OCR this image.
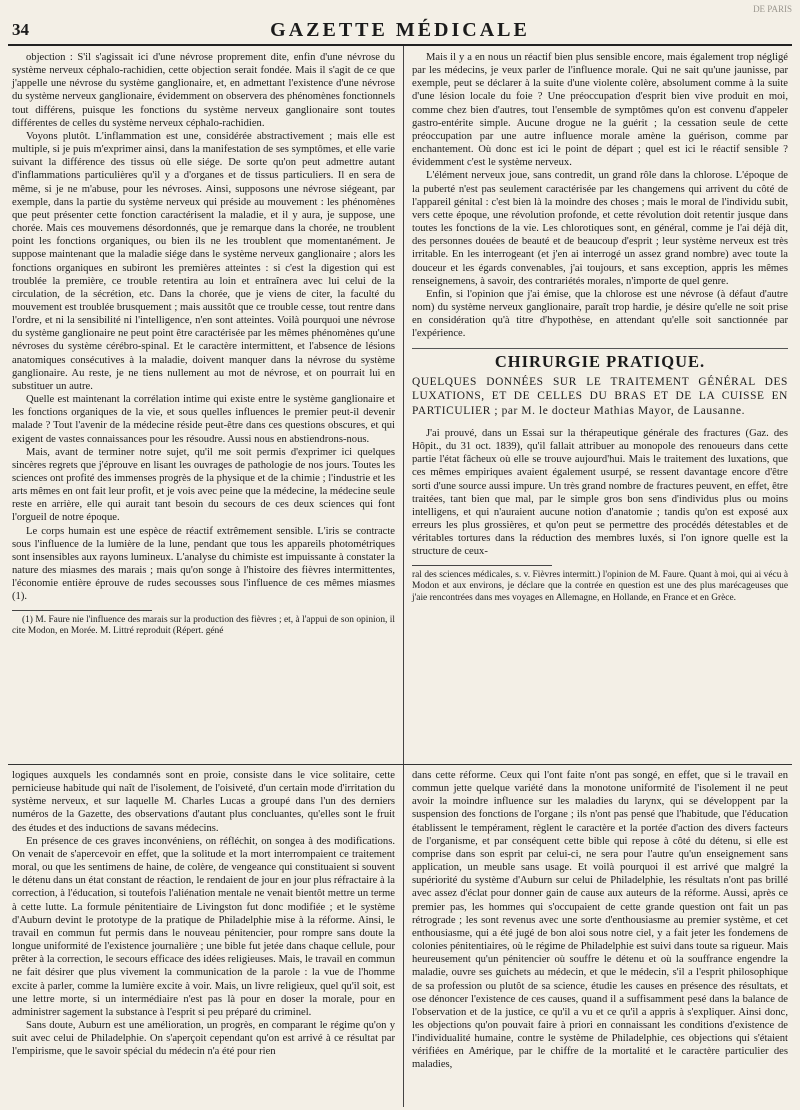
34	GAZETTE MÉDICALE
DE PARIS

objection : S'il s'agissait ici d'une névrose proprement dite, enfin d'une névrose du système nerveux céphalo-rachidien, cette objection serait fondée. Mais il s'agit de ce que j'appelle une névrose du système ganglionaire, et, en admettant l'existence d'une névrose du système nerveux ganglionaire, évidemment on observera des phénomènes fonctionnels tout différens, puisque les fonctions du système nerveux ganglionaire sont toutes différentes de celles du système nerveux céphalo-rachidien.

Voyons plutôt. L'inflammation est une, considérée abstractivement ; mais elle est multiple, si je puis m'exprimer ainsi, dans la manifestation de ses symptômes, et elle varie suivant la différence des tissus où elle siége. De sorte qu'on peut admettre autant d'inflammations particulières qu'il y a d'organes et de tissus particuliers. Il en sera de même, si je ne m'abuse, pour les névroses. Ainsi, supposons une névrose siégeant, par exemple, dans la partie du système nerveux qui préside au mouvement : les phénomènes que peut présenter cette fonction caractérisent la maladie, et il y aura, je suppose, une chorée. Mais ces mouvemens désordonnés, que je remarque dans la chorée, ne troublent point les fonctions organiques, ou bien ils ne les troublent que momentanément. Je suppose maintenant que la maladie siége dans le système nerveux ganglionaire ; alors les fonctions organiques en subiront les premières atteintes : si c'est la digestion qui est troublée la première, ce trouble retentira au loin et entraînera avec lui celui de la circulation, de la sécrétion, etc. Dans la chorée, que je viens de citer, la faculté du mouvement est troublée brusquement ; mais aussitôt que ce trouble cesse, tout rentre dans l'ordre, et ni la sensibilité ni l'intelligence, n'en sont atteintes. Voilà pourquoi une névrose du système ganglionaire ne peut point être caractérisée par les mêmes phénomènes qu'une névroses du système cérébro-spinal. Et le caractère intermittent, et l'absence de lésions anatomiques consécutives à la maladie, doivent manquer dans la névrose du système ganglionaire. Au reste, je ne tiens nullement au mot de névrose, et on pourrait lui en substituer un autre.

Quelle est maintenant la corrélation intime qui existe entre le système ganglionaire et les fonctions organiques de la vie, et sous quelles influences le premier peut-il devenir malade ? Tout l'avenir de la médecine réside peut-être dans ces questions obscures, et qui exigent de vastes connaissances pour les résoudre. Aussi nous en abstiendrons-nous.

Mais, avant de terminer notre sujet, qu'il me soit permis d'exprimer ici quelques sincères regrets que j'éprouve en lisant les ouvrages de pathologie de nos jours. Toutes les sciences ont profité des immenses progrès de la physique et de la chimie ; l'industrie et les arts mêmes en ont fait leur profit, et je vois avec peine que la médecine, la médecine seule reste en arrière, elle qui aurait tant besoin du secours de ces deux sciences qui font l'orgueil de notre époque.

Le corps humain est une espèce de réactif extrêmement sensible. L'iris se contracte sous l'influence de la lumière de la lune, pendant que tous les appareils photométriques sont insensibles aux rayons lumineux. L'analyse du chimiste est impuissante à constater la nature des miasmes des marais ; mais qu'on songe à l'histoire des fièvres intermittentes, l'économie entière éprouve de rudes secousses sous l'influence de ces mêmes miasmes (1).

(1) M. Faure nie l'influence des marais sur la production des fièvres ; et, à l'appui de son opinion, il cite Modon, en Morée. M. Littré reproduit (Répert. géné

Mais il y a en nous un réactif bien plus sensible encore, mais également trop négligé par les médecins, je veux parler de l'influence morale. Qui ne sait qu'une jaunisse, par exemple, peut se déclarer à la suite d'une violente colère, absolument comme à la suite d'une lésion locale du foie ? Une préoccupation d'esprit bien vive produit en moi, comme chez bien d'autres, tout l'ensemble de symptômes qu'on est convenu d'appeler gastro-entérite simple. Aucune drogue ne la guérit ; la cessation seule de cette préoccupation par une autre influence morale amène la guérison, comme par enchantement. Où donc est ici le point de départ ; quel est ici le réactif sensible ? évidemment c'est le système nerveux.

L'élément nerveux joue, sans contredit, un grand rôle dans la chlorose. L'époque de la puberté n'est pas seulement caractérisée par les changemens qui arrivent du côté de l'appareil génital : c'est bien là la moindre des choses ; mais le moral de l'individu subit, vers cette époque, une révolution profonde, et cette révolution doit retentir jusque dans toutes les fonctions de la vie. Les chlorotiques sont, en général, comme je l'ai déjà dit, des personnes douées de beauté et de beaucoup d'esprit ; leur système nerveux est très irritable. En les interrogeant (et j'en ai interrogé un assez grand nombre) avec toute la douceur et les égards convenables, j'ai toujours, et sans exception, appris les mêmes renseignemens, à savoir, des contrariétés morales, n'importe de quel genre.

Enfin, si l'opinion que j'ai émise, que la chlorose est une névrose (à défaut d'autre nom) du système nerveux ganglionaire, paraît trop hardie, je désire qu'elle ne soit prise en considération qu'à titre d'hypothèse, en attendant qu'elle soit sanctionnée par l'expérience.

CHIRURGIE PRATIQUE.
QUELQUES DONNÉES SUR LE TRAITEMENT GÉNÉRAL DES LUXATIONS, ET DE CELLES DU BRAS ET DE LA CUISSE EN PARTICULIER ; par M. le docteur Mathias Mayor, de Lausanne.

J'ai prouvé, dans un Essai sur la thérapeutique générale des fractures (Gaz. des Hôpit., du 31 oct. 1839), qu'il fallait attribuer au monopole des renoueurs dans cette partie l'état fâcheux où elle se trouve aujourd'hui. Mais le traitement des luxations, que ces mêmes empiriques avaient également usurpé, se ressent davantage encore d'être sorti d'une source aussi impure. Un très grand nombre de fractures peuvent, en effet, être traitées, tant bien que mal, par le simple gros bon sens d'individus plus ou moins intelligens, et qui n'auraient aucune notion d'anatomie ; tandis qu'on est exposé aux erreurs les plus grossières, et qu'on peut se permettre des procédés détestables et de véritables tortures dans la réduction des membres luxés, si l'on ignore quelle est la structure de ceux-

ral des sciences médicales, s. v. Fièvres intermitt.) l'opinion de M. Faure. Quant à moi, qui ai vécu à Modon et aux environs, je déclare que la contrée en question est une des plus marécageuses que j'aie rencontrées dans mes voyages en Allemagne, en Hollande, en France et en Grèce.

logiques auxquels les condamnés sont en proie, consiste dans le vice solitaire, cette pernicieuse habitude qui naît de l'isolement, de l'oisiveté, d'un certain mode d'irritation du système nerveux, et sur laquelle M. Charles Lucas a groupé dans l'un des derniers numéros de la Gazette, des observations d'autant plus concluantes, qu'elles sont le fruit des études et des inductions de savans médecins.

En présence de ces graves inconvéniens, on réfléchit, on songea à des modifications. On venait de s'apercevoir en effet, que la solitude et la mort interrompaient ce traitement moral, ou que les sentimens de haine, de colère, de vengeance qui constituaient si souvent le détenu dans un état constant de réaction, le rendaient de jour en jour plus réfractaire à la correction, à l'éducation, si toutefois l'aliénation mentale ne venait bientôt mettre un terme à cette lutte. La formule pénitentiaire de Livingston fut donc modifiée ; et le système d'Auburn devint le prototype de la pratique de Philadelphie mise à la réforme. Ainsi, le travail en commun fut permis dans le nouveau pénitencier, pour rompre sans doute la longue uniformité de l'existence journalière ; une bible fut jetée dans chaque cellule, pour prêter à la correction, le secours efficace des idées religieuses. Mais, le travail en commun ne fait désirer que plus vivement la communication de la parole : la vue de l'homme excite à parler, comme la lumière excite à voir. Mais, un livre religieux, quel qu'il soit, est une lettre morte, si un intermédiaire n'est pas là pour en doser la morale, pour en administrer sagement la substance à l'esprit si peu préparé du criminel.

Sans doute, Auburn est une amélioration, un progrès, en comparant le régime qu'on y suit avec celui de Philadelphie. On s'aperçoit cependant qu'on est arrivé à ce résultat par l'empirisme, que le savoir spécial du médecin n'a été pour rien

dans cette réforme. Ceux qui l'ont faite n'ont pas songé, en effet, que si le travail en commun jette quelque variété dans la monotone uniformité de l'isolement il ne peut avoir la moindre influence sur les maladies du larynx, qui se développent par la suspension des fonctions de l'organe ; ils n'ont pas pensé que l'habitude, que l'éducation établissent le tempérament, règlent le caractère et la portée d'action des divers facteurs de l'organisme, et par conséquent cette bible qui repose à côté du détenu, si elle est comprise dans son esprit par celui-ci, ne sera pour l'autre qu'un enseignement sans application, un meuble sans usage. Et voilà pourquoi il est arrivé que malgré la supériorité du système d'Auburn sur celui de Philadelphie, les résultats n'ont pas brillé avec assez d'éclat pour donner gain de cause aux auteurs de la réforme. Aussi, après ce premier pas, les hommes qui s'occupaient de cette grande question ont fait un pas rétrograde ; les sont revenus avec une sorte d'enthousiasme au premier système, et cet enthousiasme, qui a été jugé de bon aloi sous notre ciel, y a fait jeter les fondemens de colonies pénitentiaires, où le régime de Philadelphie est suivi dans toute sa rigueur. Mais heureusement qu'un pénitencier où souffre le détenu et où la souffrance engendre la maladie, ouvre ses guichets au médecin, et que le médecin, s'il a l'esprit philosophique de sa profession ou plutôt de sa science, étudie les causes en présence des résultats, et ose dénoncer l'existence de ces causes, quand il a suffisamment pesé dans la balance de l'observation et de la justice, ce qu'il a vu et ce qu'il a appris à s'expliquer. Ainsi donc, les objections qu'on pouvait faire à priori en connaissant les conditions d'existence de l'individualité humaine, contre le système de Philadelphie, ces objections qui s'étaient vérifiées en Amérique, par le chiffre de la mortalité et le caractère particulier des maladies,
